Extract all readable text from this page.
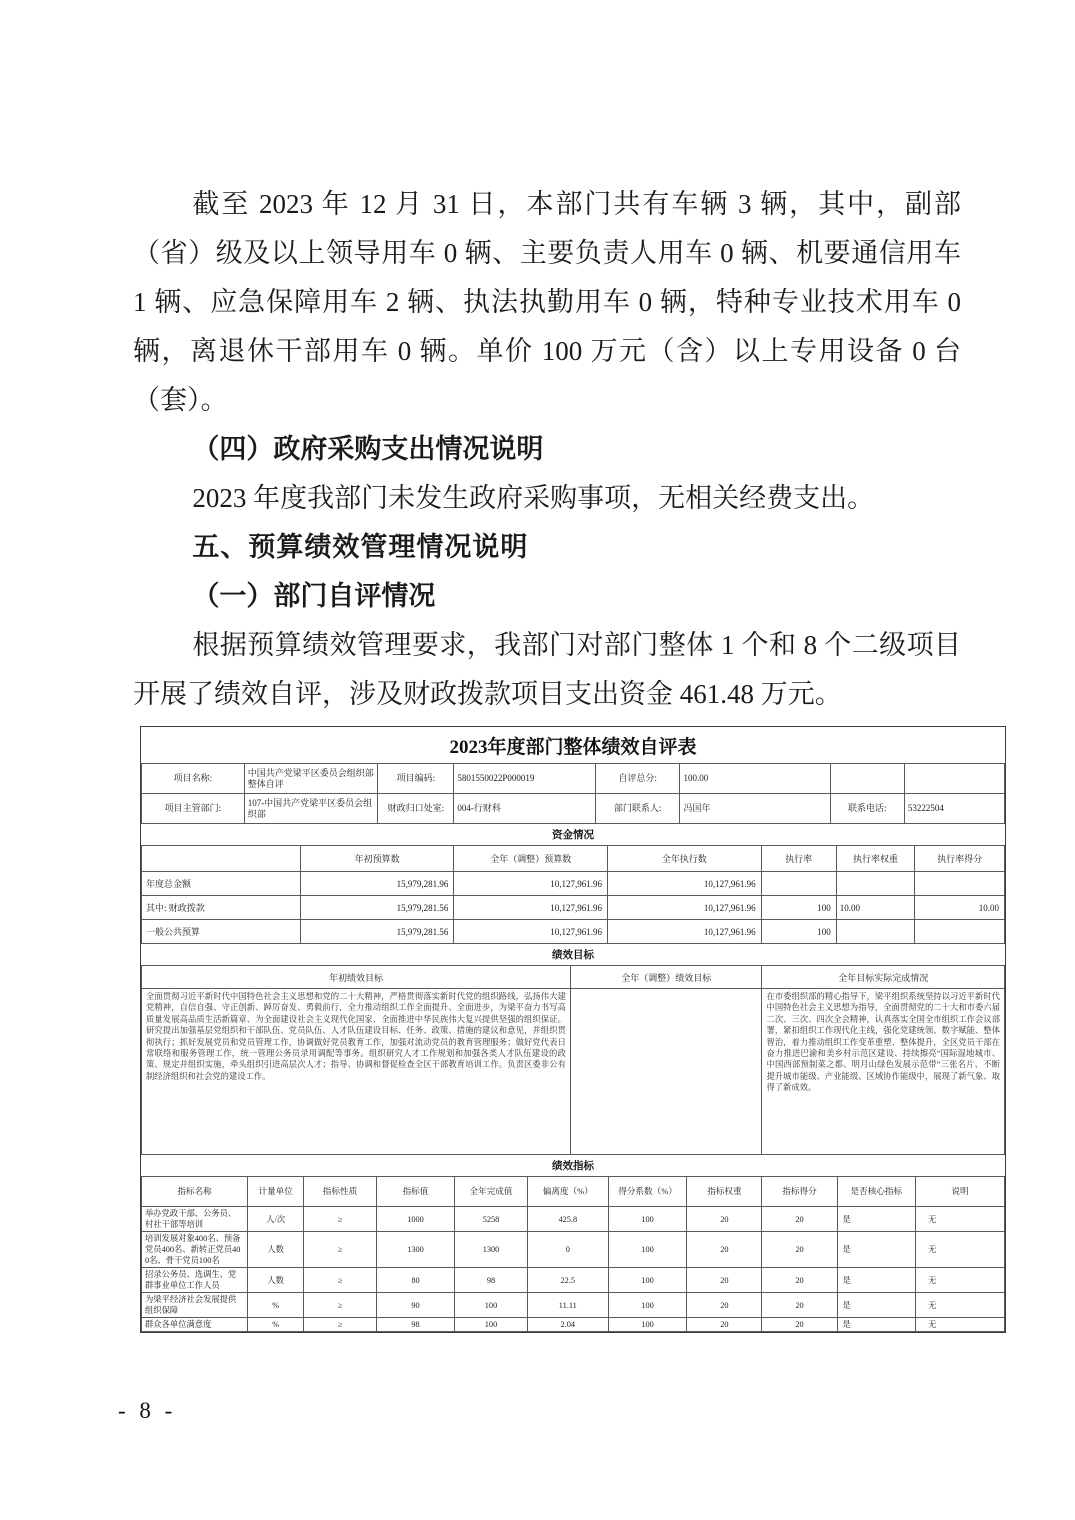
截至 2023 年 12 月 31 日，本部门共有车辆 3 辆，其中，副部（省）级及以上领导用车 0 辆、主要负责人用车 0 辆、机要通信用车 1 辆、应急保障用车 2 辆、执法执勤用车 0 辆，特种专业技术用车 0 辆，离退休干部用车 0 辆。单价 100 万元（含）以上专用设备 0 台（套）。

（四）政府采购支出情况说明

2023 年度我部门未发生政府采购事项，无相关经费支出。

五、预算绩效管理情况说明

（一）部门自评情况

根据预算绩效管理要求，我部门对部门整体 1 个和 8 个二级项目开展了绩效自评，涉及财政拨款项目支出资金 461.48 万元。

2023年度部门整体绩效自评表
项目名称:	中国共产党梁平区委员会组织部整体自评	项目编码:	5801550022P000019	自评总分:	100.00		
项目主管部门:	107-中国共产党梁平区委员会组织部	财政归口处室:	004-行财科	部门联系人:	冯国年	联系电话:	53222504
资金情况
	年初预算数	全年（调整）预算数	全年执行数	执行率	执行率权重	执行率得分
年度总金额	15,979,281.96	10,127,961.96	10,127,961.96			
其中: 财政拨款	15,979,281.56	10,127,961.96	10,127,961.96	100	10.00	10.00
一般公共预算	15,979,281.56	10,127,961.96	10,127,961.96	100		
绩效目标
年初绩效目标	全年（调整）绩效目标	全年目标实际完成情况
全面贯彻习近平新时代中国特色社会主义思想和党的二十大精神，严格贯彻落实新时代党的组织路线，弘扬伟大建党精神，自信自强、守正创新、踔厉奋发、勇毅前行，全力推动组织工作全面提升、全面进步，为梁平奋力书写高质量发展高品质生活新篇章、为全面建设社会主义现代化国家、全面推进中华民族伟大复兴提供坚强的组织保证。研究提出加强基层党组织和干部队伍、党员队伍、人才队伍建设目标、任务、政策、措施的建议和意见，并组织贯彻执行；抓好发展党员和党员管理工作，协调做好党员教育工作，加强对流动党员的教育管理服务；做好党代表日常联络和服务管理工作，统一管理公务员录用调配等事务。组织研究人才工作规划和加强各类人才队伍建设的政策、规定并组织实施，牵头组织引进高层次人才；指导、协调和督促检查全区干部教育培训工作。负责区委非公有制经济组织和社会党的建设工作。		在市委组织部的精心指导下，梁平组织系统坚持以习近平新时代中国特色社会主义思想为指导，全面贯彻党的二十大和市委六届二次、三次、四次全会精神，认真落实全国全市组织工作会议部署，紧扣组织工作现代化主线，强化党建统领、数字赋能、整体智治，着力推动组织工作变革重塑、整体提升，全区党员干部在奋力推进巴渝和美乡村示范区建设、持续擦亮“国际湿地城市、中国西部预制菜之都、明月山绿色发展示范带”三张名片、不断提升城市能级、产业能级、区域协作能级中，展现了新气象、取得了新成效。
绩效指标
指标名称	计量单位	指标性质	指标值	全年完成值	偏离度（%）	得分系数（%）	指标权重	指标得分	是否核心指标	说明
举办党政干部、公务员、村社干部等培训	人/次	≥	1000	5258	425.8	100	20	20	是	无
培训发展对象400名、预备党员400名、新转正党员400名、骨干党员100名	人数	≥	1300	1300	0	100	20	20	是	无
招录公务员、选调生、党群事业单位工作人员	人数	≥	80	98	22.5	100	20	20	是	无
为梁平经济社会发展提供组织保障	%	≥	90	100	11.11	100	20	20	是	无
群众各单位满意度	%	≥	98	100	2.04	100	20	20	是	无
- 8 -
